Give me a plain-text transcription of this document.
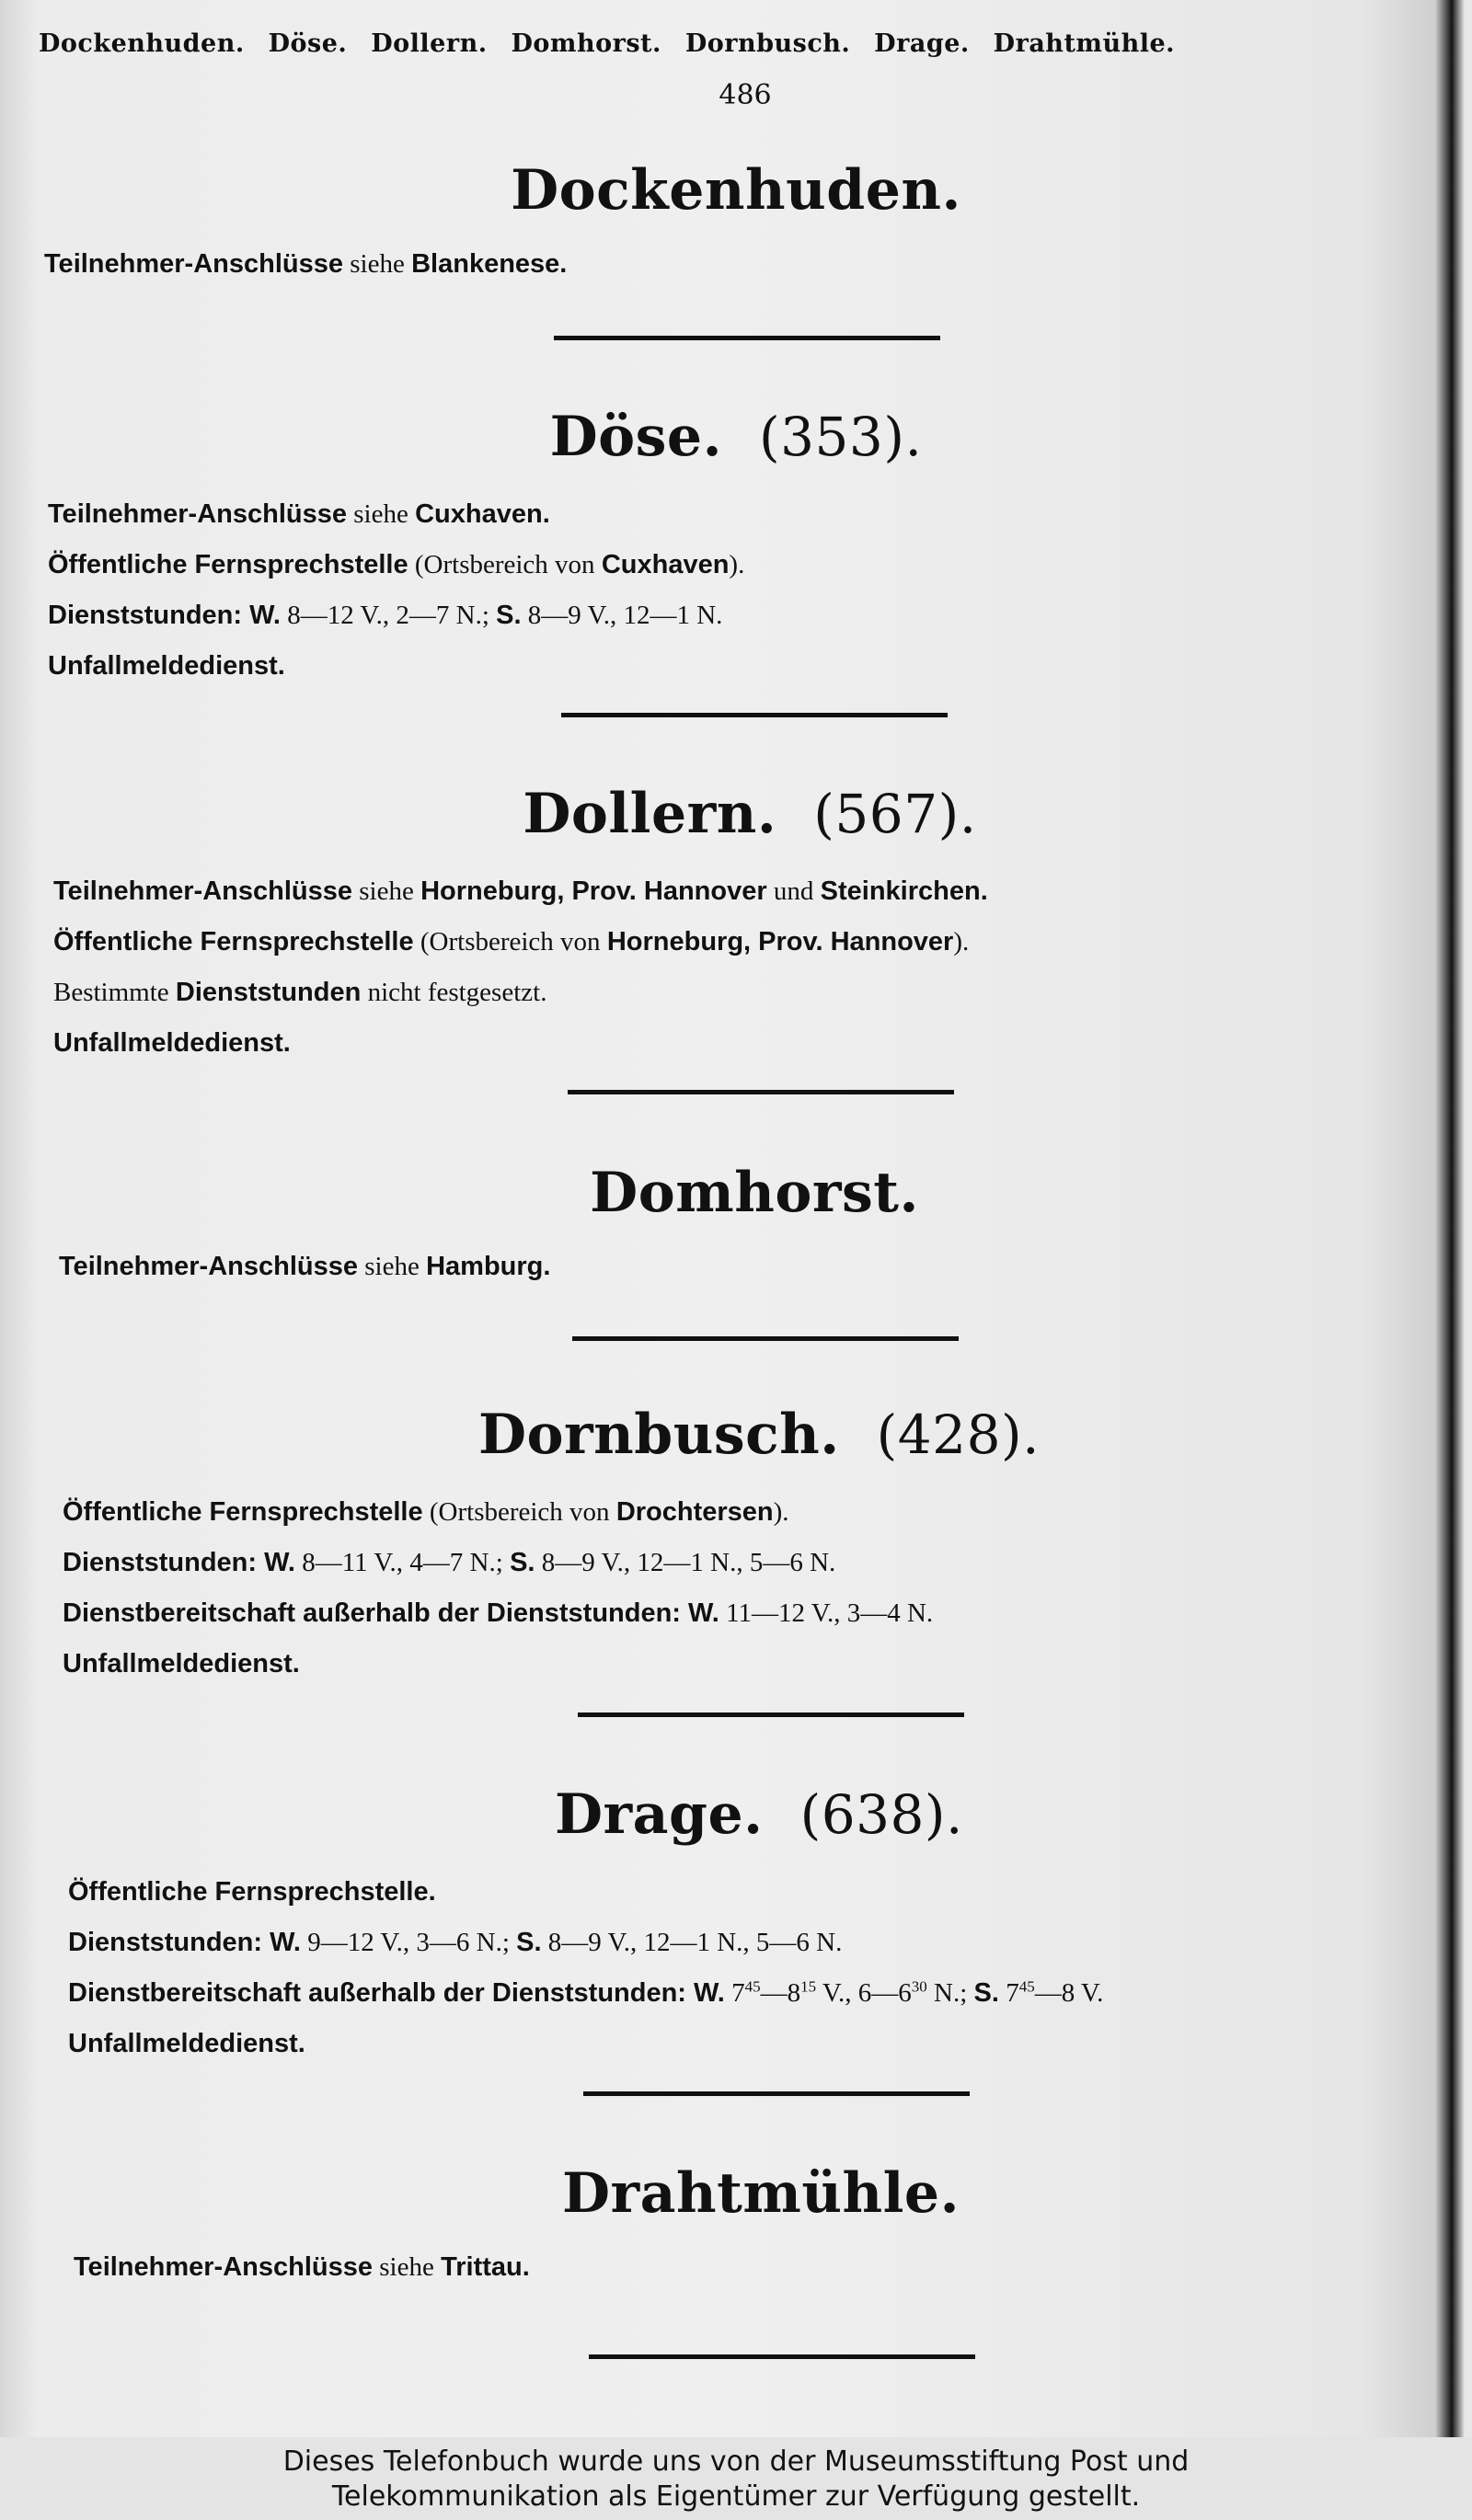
Dockenhuden. Döse. Dollern. Domhorst. Dornbusch. Drage. Drahtmühle.
486
Dockenhuden.
Teilnehmer-Anschlüsse siehe Blankenese.
Döse. (353).
Teilnehmer-Anschlüsse siehe Cuxhaven.
Öffentliche Fernsprechstelle (Ortsbereich von Cuxhaven).
Dienststunden: W. 8—12 V., 2—7 N.; S. 8—9 V., 12—1 N.
Unfallmeldedienst.
Dollern. (567).
Teilnehmer-Anschlüsse siehe Horneburg, Prov. Hannover und Steinkirchen.
Öffentliche Fernsprechstelle (Ortsbereich von Horneburg, Prov. Hannover).
Bestimmte Dienststunden nicht festgesetzt.
Unfallmeldedienst.
Domhorst.
Teilnehmer-Anschlüsse siehe Hamburg.
Dornbusch. (428).
Öffentliche Fernsprechstelle (Ortsbereich von Drochtersen).
Dienststunden: W. 8—11 V., 4—7 N.; S. 8—9 V., 12—1 N., 5—6 N.
Dienstbereitschaft außerhalb der Dienststunden: W. 11—12 V., 3—4 N.
Unfallmeldedienst.
Drage. (638).
Öffentliche Fernsprechstelle.
Dienststunden: W. 9—12 V., 3—6 N.; S. 8—9 V., 12—1 N., 5—6 N.
Dienstbereitschaft außerhalb der Dienststunden: W. $7^{45}—8^{15}$ V., $6—6^{30}$ N.; S. $7^{45}—8$ V.
Unfallmeldedienst.
Drahtmühle.
Teilnehmer-Anschlüsse siehe Trittau.
Dieses Telefonbuch wurde uns von der Museumsstiftung Post und
Telekommunikation als Eigentümer zur Verfügung gestellt.
